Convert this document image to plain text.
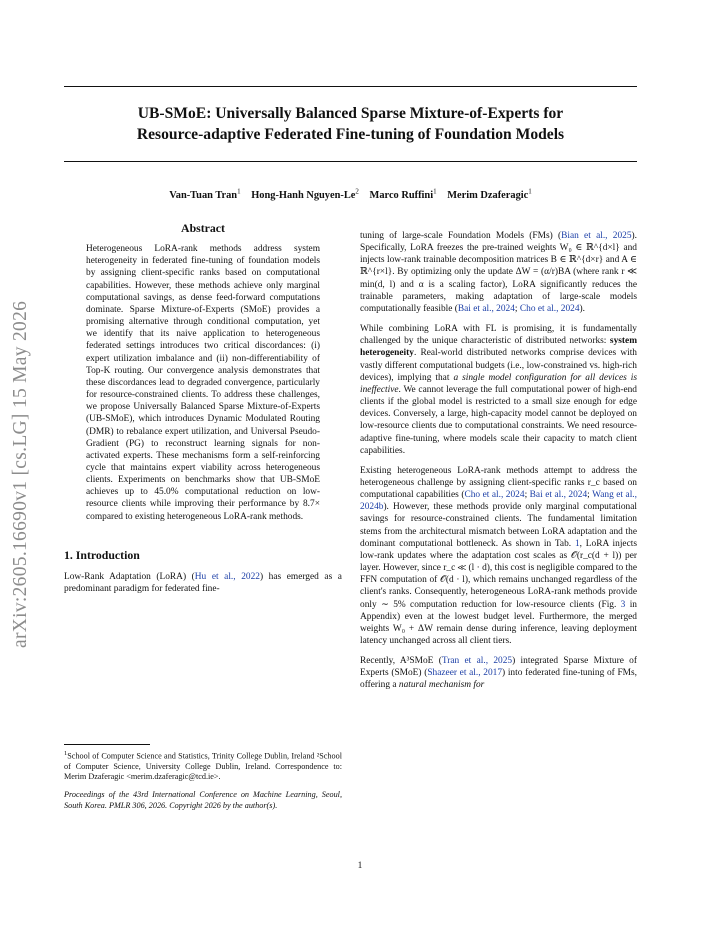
UB-SMoE: Universally Balanced Sparse Mixture-of-Experts for
Resource-adaptive Federated Fine-tuning of Foundation Models
Van-Tuan Tran$^1$ Hong-Hanh Nguyen-Le$^2$ Marco Ruffini$^1$ Merim Dzaferagic$^1$
arXiv:2605.16690v1 [cs.LG] 15 May 2026
Abstract

Heterogeneous LoRA-rank methods address system heterogeneity in federated fine-tuning of foundation models by assigning client-specific ranks based on computational capabilities. However, these methods achieve only marginal computational savings, as dense feed-forward computations dominate. Sparse Mixture-of-Experts (SMoE) provides a promising alternative through conditional computation, yet we identify that its naive application to heterogeneous federated settings introduces two critical discordances: (i) expert utilization imbalance and (ii) non-differentiability of Top-K routing. Our convergence analysis demonstrates that these discordances lead to degraded convergence, particularly for resource-constrained clients. To address these challenges, we propose Universally Balanced Sparse Mixture-of-Experts (UB-SMoE), which introduces Dynamic Modulated Routing (DMR) to rebalance expert utilization, and Universal Pseudo-Gradient (PG) to reconstruct learning signals for non-activated experts. These mechanisms form a self-reinforcing cycle that maintains expert viability across heterogeneous clients. Experiments on benchmarks show that UB-SMoE achieves up to 45.0% computational reduction on low-resource clients while improving their performance by 8.7× compared to existing heterogeneous LoRA-rank methods.

1. Introduction

Low-Rank Adaptation (LoRA) (Hu et al., 2022) has emerged as a predominant paradigm for federated fine-

$^1$School of Computer Science and Statistics, Trinity College Dublin, Ireland ²School of Computer Science, University College Dublin, Ireland. Correspondence to: Merim Dzaferagic <merim.dzaferagic@tcd.ie>.

Proceedings of the 43rd International Conference on Machine Learning, Seoul, South Korea. PMLR 306, 2026. Copyright 2026 by the author(s).

tuning of large-scale Foundation Models (FMs) (Bian et al., 2025). Specifically, LoRA freezes the pre-trained weights W₀ ∈ ℝ^{d×l} and injects low-rank trainable decomposition matrices B ∈ ℝ^{d×r} and A ∈ ℝ^{r×l}. By optimizing only the update ΔW = (α/r)BA (where rank r ≪ min(d, l) and α is a scaling factor), LoRA significantly reduces the trainable parameters, making adaptation of large-scale models computationally feasible (Bai et al., 2024; Cho et al., 2024).

While combining LoRA with FL is promising, it is fundamentally challenged by the unique characteristic of distributed networks: system heterogeneity. Real-world distributed networks comprise devices with vastly different computational budgets (i.e., low-constrained vs. high-rich devices), implying that a single model configuration for all devices is ineffective. We cannot leverage the full computational power of high-end clients if the global model is restricted to a small size enough for edge devices. Conversely, a large, high-capacity model cannot be deployed on low-resource clients due to computational constraints. We need resource-adaptive fine-tuning, where models scale their capacity to match client capabilities.

Existing heterogeneous LoRA-rank methods attempt to address the heterogeneous challenge by assigning client-specific ranks r_c based on computational capabilities (Cho et al., 2024; Bai et al., 2024; Wang et al., 2024b). However, these methods provide only marginal computational savings for resource-constrained clients. The fundamental limitation stems from the architectural mismatch between LoRA adaptation and the dominant computational bottleneck. As shown in Tab. 1, LoRA injects low-rank updates where the adaptation cost scales as 𝒪(r_c(d + l)) per layer. However, since r_c ≪ (l · d), this cost is negligible compared to the FFN computation of 𝒪(d · l), which remains unchanged regardless of the client's ranks. Consequently, heterogeneous LoRA-rank methods provide only ∼ 5% computation reduction for low-resource clients (Fig. 3 in Appendix) even at the lowest budget level. Furthermore, the merged weights W₀ + ΔW remain dense during inference, leaving deployment latency unchanged across all client tiers.

Recently, A³SMoE (Tran et al., 2025) integrated Sparse Mixture of Experts (SMoE) (Shazeer et al., 2017) into federated fine-tuning of FMs, offering a natural mechanism for

1
